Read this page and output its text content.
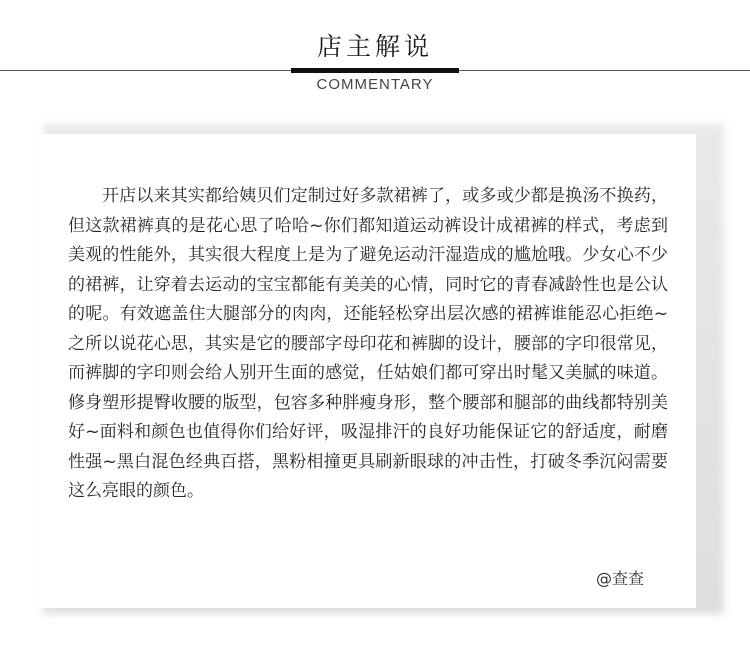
店主解说
COMMENTARY

开店以来其实都给姨贝们定制过好多款裙裤了，或多或少都是换汤不换药，但这款裙裤真的是花心思了哈哈~你们都知道运动裤设计成裙裤的样式，考虑到美观的性能外，其实很大程度上是为了避免运动汗湿造成的尴尬哦。少女心不少的裙裤，让穿着去运动的宝宝都能有美美的心情，同时它的青春减龄性也是公认的呢。有效遮盖住大腿部分的肉肉，还能轻松穿出层次感的裙裤谁能忍心拒绝~之所以说花心思，其实是它的腰部字母印花和裤脚的设计，腰部的字印很常见，而裤脚的字印则会给人别开生面的感觉，任姑娘们都可穿出时髦又美腻的味道。修身塑形提臀收腰的版型，包容多种胖瘦身形，整个腰部和腿部的曲线都特别美好~面料和颜色也值得你们给好评，吸湿排汗的良好功能保证它的舒适度，耐磨性强~黑白混色经典百搭，黑粉相撞更具刷新眼球的冲击性，打破冬季沉闷需要这么亮眼的颜色。

@查查
